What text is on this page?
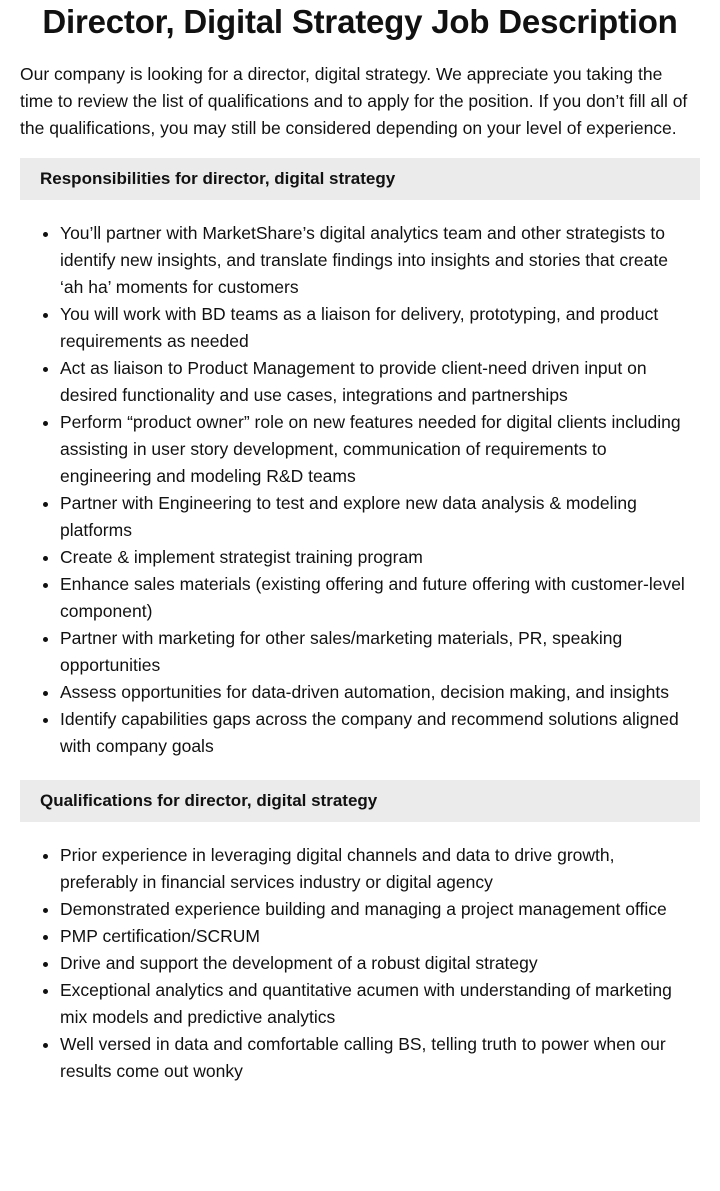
Director, Digital Strategy Job Description

Our company is looking for a director, digital strategy. We appreciate you taking the time to review the list of qualifications and to apply for the position. If you don’t fill all of the qualifications, you may still be considered depending on your level of experience.

Responsibilities for director, digital strategy
You’ll partner with MarketShare’s digital analytics team and other strategists to identify new insights, and translate findings into insights and stories that create ‘ah ha’ moments for customers
You will work with BD teams as a liaison for delivery, prototyping, and product requirements as needed
Act as liaison to Product Management to provide client-need driven input on desired functionality and use cases, integrations and partnerships
Perform “product owner” role on new features needed for digital clients including assisting in user story development, communication of requirements to engineering and modeling R&D teams
Partner with Engineering to test and explore new data analysis & modeling platforms
Create & implement strategist training program
Enhance sales materials (existing offering and future offering with customer-level component)
Partner with marketing for other sales/marketing materials, PR, speaking opportunities
Assess opportunities for data-driven automation, decision making, and insights
Identify capabilities gaps across the company and recommend solutions aligned with company goals
Qualifications for director, digital strategy
Prior experience in leveraging digital channels and data to drive growth, preferably in financial services industry or digital agency
Demonstrated experience building and managing a project management office
PMP certification/SCRUM
Drive and support the development of a robust digital strategy
Exceptional analytics and quantitative acumen with understanding of marketing mix models and predictive analytics
Well versed in data and comfortable calling BS, telling truth to power when our results come out wonky
